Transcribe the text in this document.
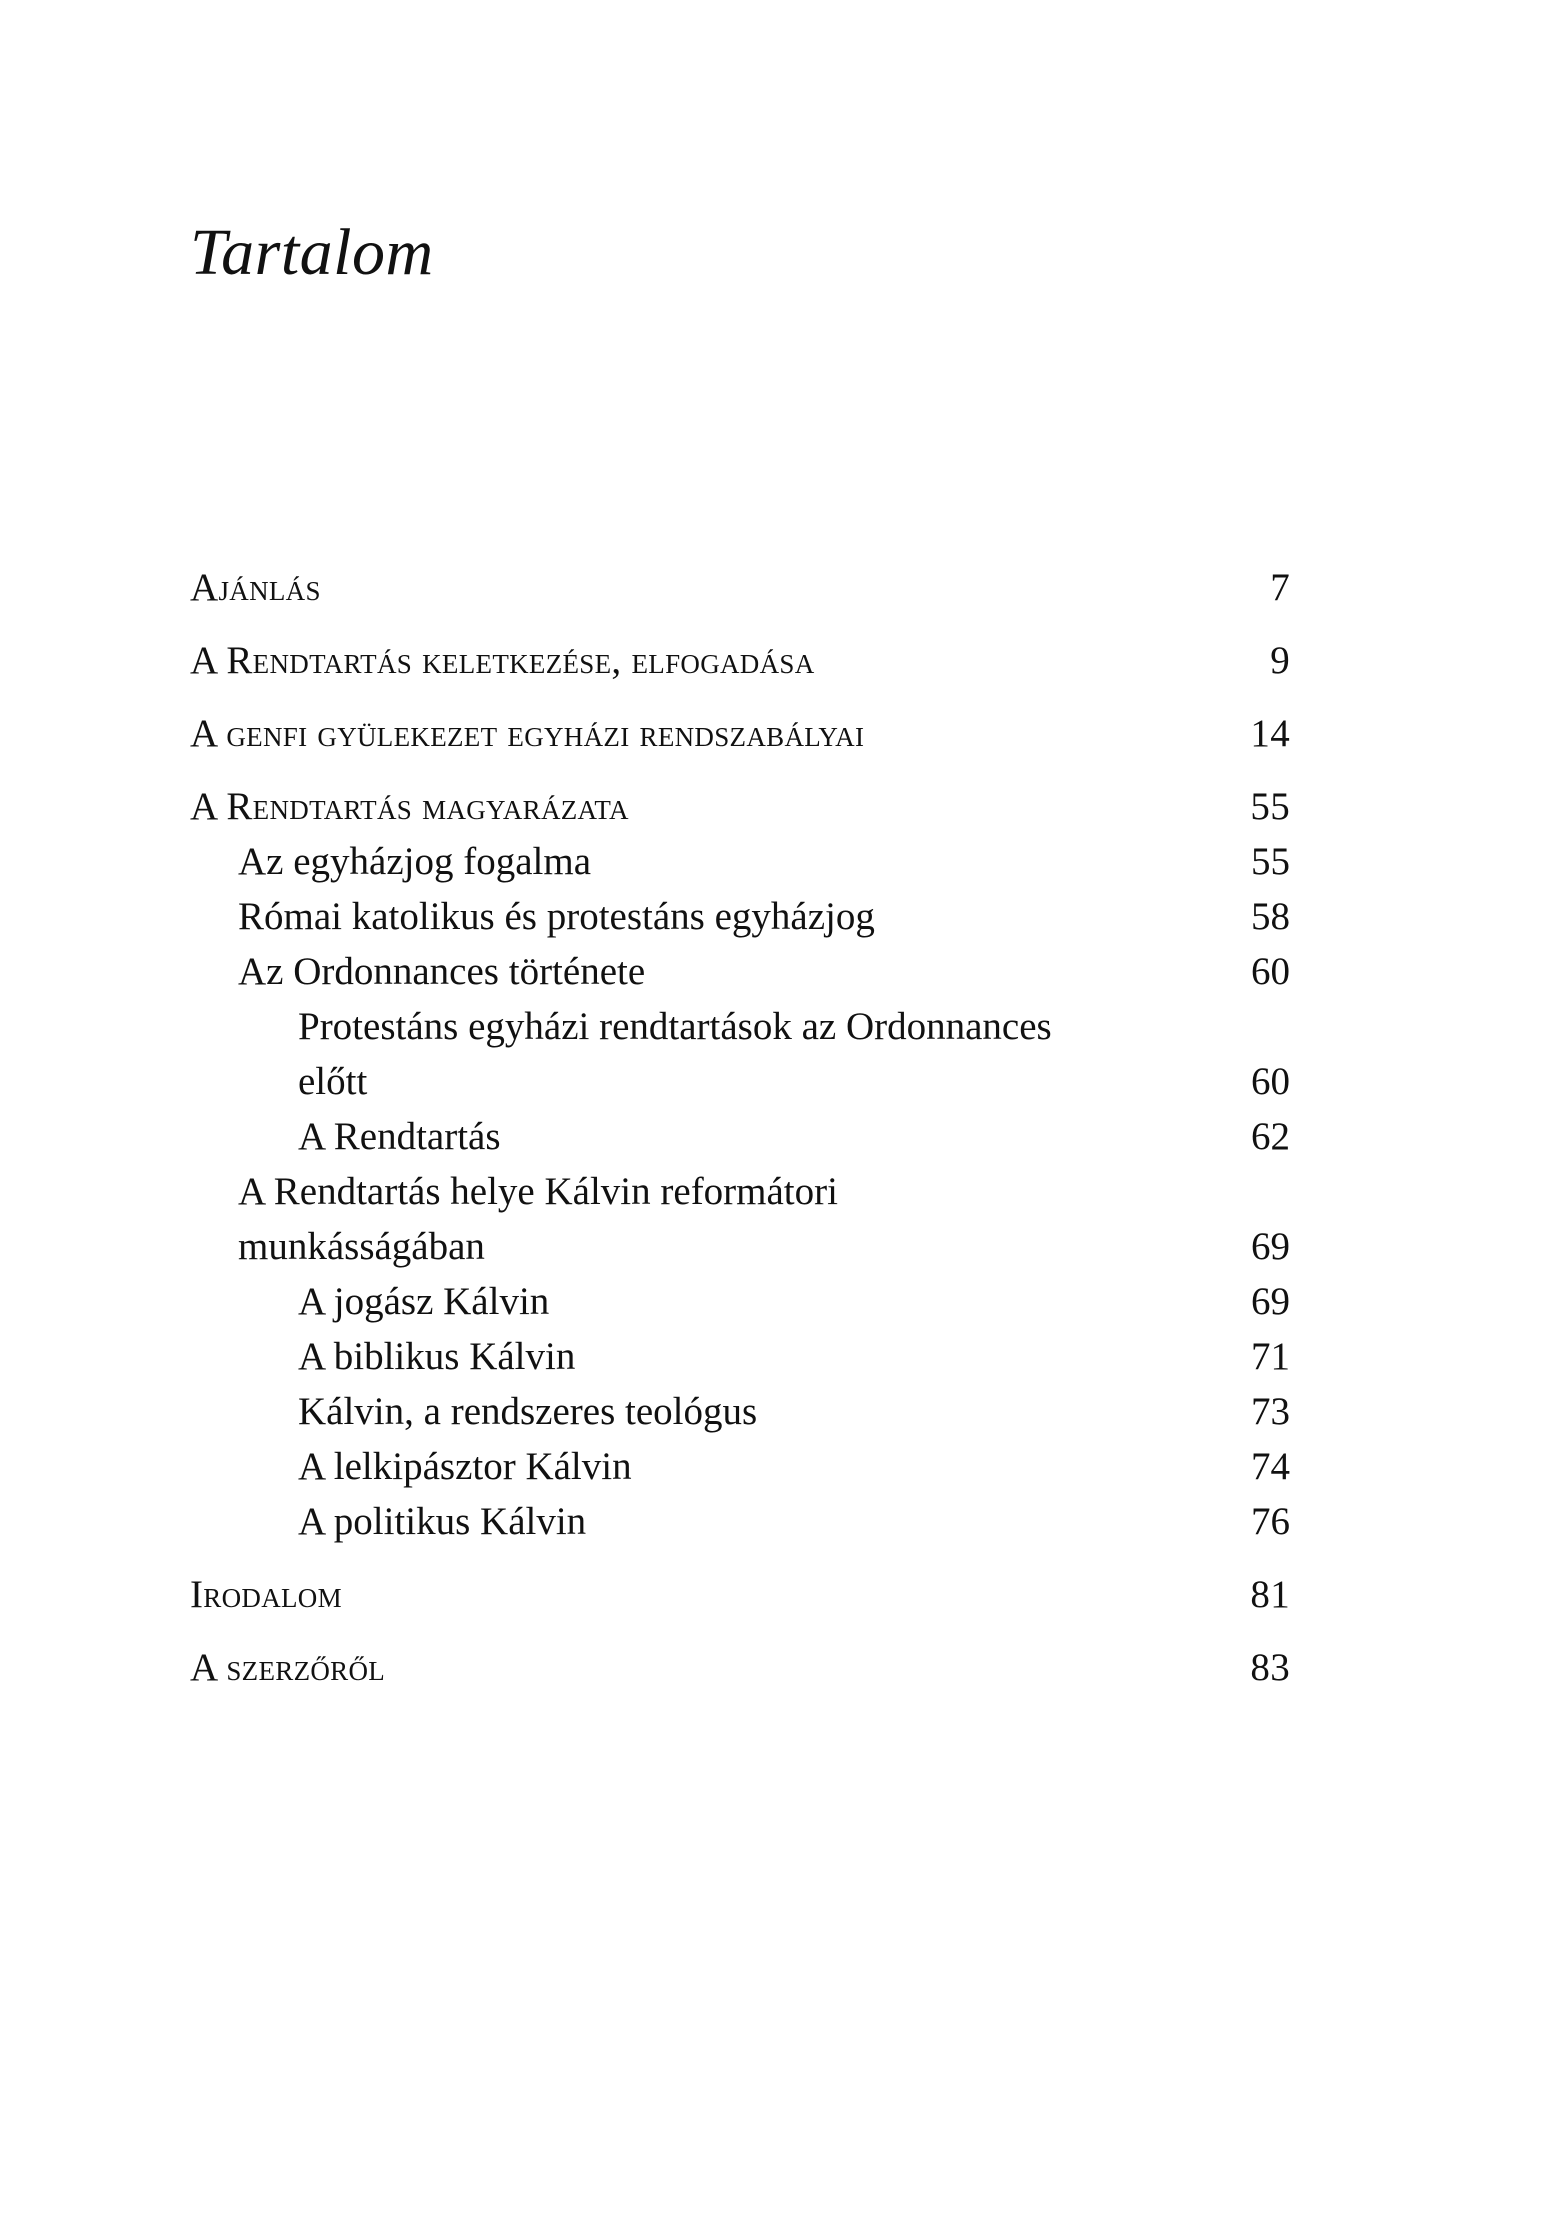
Tartalom
Ajánlás	7
A Rendtartás keletkezése, elfogadása	9
A genfi gyülekezet egyházi rendszabályai	14
A Rendtartás magyarázata	55
Az egyházjog fogalma	55
Római katolikus és protestáns egyházjog	58
Az Ordonnances története	60
Protestáns egyházi rendtartások az Ordonnances
előtt	60
A Rendtartás	62
A Rendtartás helye Kálvin reformátori
munkásságában	69
A jogász Kálvin	69
A biblikus Kálvin	71
Kálvin, a rendszeres teológus	73
A lelkipásztor Kálvin	74
A politikus Kálvin	76
Irodalom	81
A szerzőről	83
